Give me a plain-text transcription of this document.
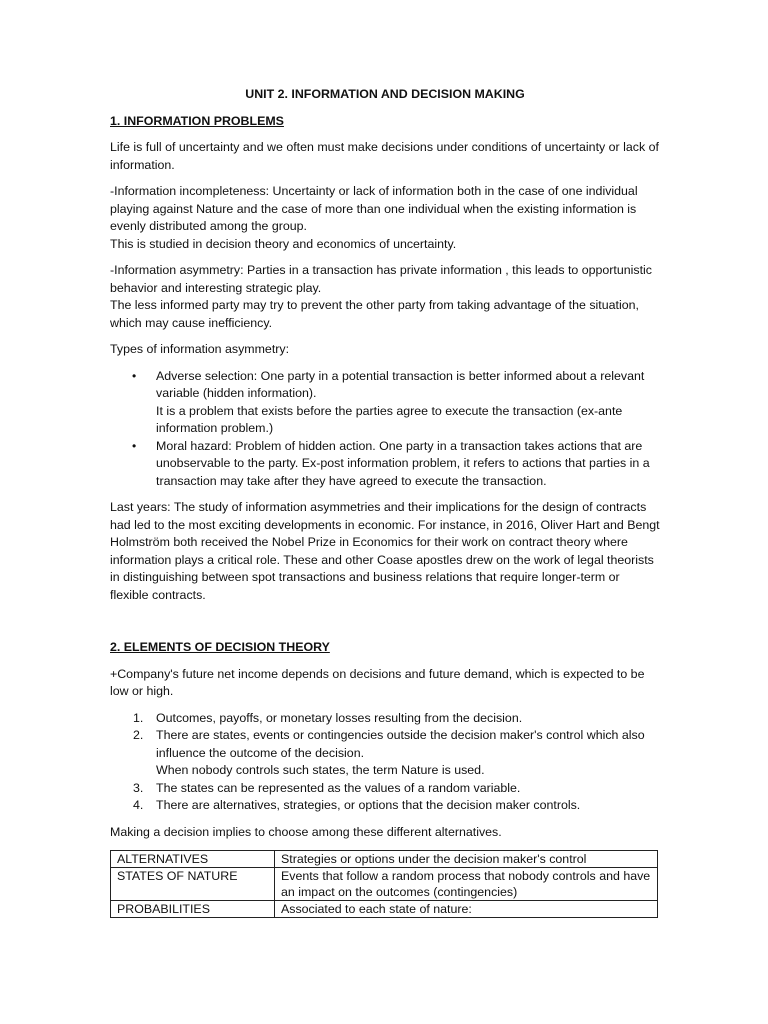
UNIT 2. INFORMATION AND DECISION MAKING
1. INFORMATION PROBLEMS

Life is full of uncertainty and we often must make decisions under conditions of uncertainty or lack of information.

-Information incompleteness: Uncertainty or lack of information both in the case of one individual playing against Nature and the case of more than one individual when the existing information is evenly distributed among the group.
This is studied in decision theory and economics of uncertainty.

-Information asymmetry: Parties in a transaction has private information , this leads to opportunistic behavior and interesting strategic play.
The less informed party may try to prevent the other party from taking advantage of the situation, which may cause inefficiency.

Types of information asymmetry:

• Adverse selection: One party in a potential transaction is better informed about a relevant variable (hidden information).
It is a problem that exists before the parties agree to execute the transaction (ex-ante information problem.)
• Moral hazard: Problem of hidden action. One party in a transaction takes actions that are unobservable to the party. Ex-post information problem, it refers to actions that parties in a transaction may take after they have agreed to execute the transaction.

Last years: The study of information asymmetries and their implications for the design of contracts had led to the most exciting developments in economic. For instance, in 2016, Oliver Hart and Bengt Holmström both received the Nobel Prize in Economics for their work on contract theory where information plays a critical role. These and other Coase apostles drew on the work of legal theorists in distinguishing between spot transactions and business relations that require longer-term or flexible contracts.

2. ELEMENTS OF DECISION THEORY

+Company's future net income depends on decisions and future demand, which is expected to be low or high.

1. Outcomes, payoffs, or monetary losses resulting from the decision.
2. There are states, events or contingencies outside the decision maker's control which also influence the outcome of the decision.
When nobody controls such states, the term Nature is used.
3. The states can be represented as the values of a random variable.
4. There are alternatives, strategies, or options that the decision maker controls.

Making a decision implies to choose among these different alternatives.

ALTERNATIVES	Strategies or options under the decision maker's control
STATES OF NATURE	Events that follow a random process that nobody controls and have an impact on the outcomes (contingencies)
PROBABILITIES	Associated to each state of nature:
